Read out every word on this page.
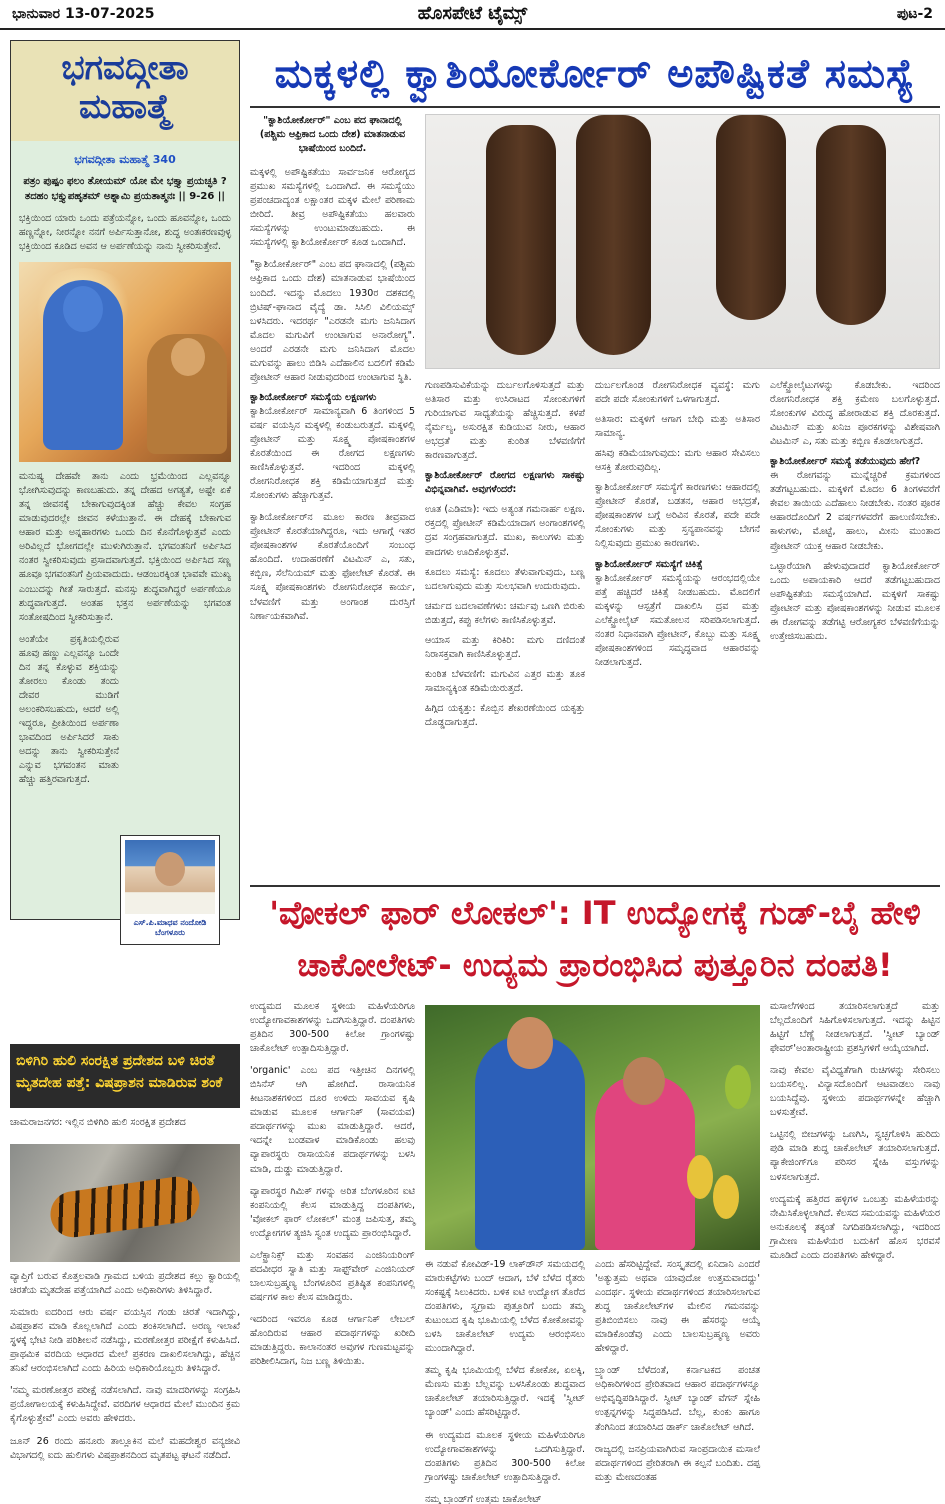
ಭಾನುವಾರ 13-07-2025	ಹೊಸಪೇಟೆ ಟೈಮ್ಸ್	ಪುಟ-2
ಭಗವದ್ಗೀತಾ
ಮಹಾತ್ಮೆ
ಭಗವದ್ಗೀತಾ ಮಹಾತ್ಮೆ 340
ಪತ್ರಂ ಪುಷ್ಪಂ ಫಲಂ ತೋಯಮ್ ಯೋ ಮೇ ಭಕ್ತ್ಯಾ ಪ್ರಯಚ್ಛತಿ ? ತದಹಂ ಭಕ್ತ್ಯುಪಹೃತಮ್ ಅಶ್ನಾಮಿ ಪ್ರಯತಾತ್ಮನಃ || 9-26 ||
ಭಕ್ತಿಯಿಂದ ಯಾರು ಒಂದು ಪತ್ರೆಯನ್ನೋ, ಒಂದು ಹೂವನ್ನೋ, ಒಂದು ಹಣ್ಣನ್ನೋ, ನೀರನ್ನೋ ನನಗೆ ಅರ್ಪಿಸುತ್ತಾನೋ, ಶುದ್ಧ ಅಂತಃಕರಣವುಳ್ಳ ಭಕ್ತಿಯಿಂದ ಕೂಡಿದ ಅವನ ಆ ಅರ್ಪಣೆಯನ್ನು ನಾನು ಸ್ವೀಕರಿಸುತ್ತೇನೆ.
ಮನುಷ್ಯ ದೇಹವೇ ತಾನು ಎಂದು ಭ್ರಮೆಯಿಂದ ಎಲ್ಲವನ್ನೂ ಭೋಗಿಸುವುದನ್ನು ಕಾಣಬಹುದು. ತನ್ನ ದೇಹದ ಅಗತ್ಯತೆ, ಅಷ್ಟೇ ಏಕೆ ತನ್ನ ಜೀವನಕ್ಕೆ ಬೇಕಾಗುವುದಕ್ಕಿಂತ ಹೆಚ್ಚು ಕೇವಲ ಸಂಗ್ರಹ ಮಾಡುವುದರಲ್ಲೇ ಜೀವನ ಕಳೆಯುತ್ತಾನೆ. ಈ ದೇಹಕ್ಕೆ ಬೇಕಾಗುವ ಆಹಾರ ಮತ್ತು ಅನ್ನಹಾರಗಳು ಒಂದು ದಿನ ಕೊನೆಗೊಳ್ಳುತ್ತವೆ ಎಂದು ಅರಿವಿಲ್ಲದೆ ಭೋಗದಲ್ಲೇ ಮುಳುಗಿರುತ್ತಾನೆ. ಭಗವಂತನಿಗೆ ಅರ್ಪಿಸಿದ ನಂತರ ಸ್ವೀಕರಿಸುವುದು ಪ್ರಸಾದವಾಗುತ್ತದೆ. ಭಕ್ತಿಯಿಂದ ಅರ್ಪಿಸಿದ ಸಣ್ಣ ಹೂವೂ ಭಗವಂತನಿಗೆ ಪ್ರಿಯವಾದುದು. ಆಡಂಬರಕ್ಕಿಂತ ಭಾವವೇ ಮುಖ್ಯ ಎಂಬುದನ್ನು ಗೀತೆ ಸಾರುತ್ತದೆ. ಮನಸ್ಸು ಶುದ್ಧವಾಗಿದ್ದರೆ ಅರ್ಪಣೆಯೂ ಶುದ್ಧವಾಗುತ್ತದೆ. ಅಂತಹ ಭಕ್ತನ ಅರ್ಪಣೆಯನ್ನು ಭಗವಂತ ಸಂತೋಷದಿಂದ ಸ್ವೀಕರಿಸುತ್ತಾನೆ.
ಅಂತೆಯೇ ಪ್ರಕೃತಿಯಲ್ಲಿರುವ ಹೂವು ಹಣ್ಣು ಎಲ್ಲವನ್ನೂ ಒಂದೇ ದಿನ ತನ್ನ ಕೊಳ್ಳುವ ಶಕ್ತಿಯನ್ನು ತೋರಲು ಕೊಂಡು ತಂದು ದೇವರ ಮುಡಿಗೆ ಅಲಂಕರಿಸಬಹುದು, ಆದರೆ ಅಲ್ಲಿ ಇದ್ದರೂ, ಪ್ರೀತಿಯಿಂದ ಅರ್ಪಣಾ ಭಾವದಿಂದ ಅರ್ಪಿಸಿದರೆ ಸಾಕು ಅದನ್ನು ತಾನು ಸ್ವೀಕರಿಸುತ್ತೇನೆ ಎನ್ನುವ ಭಗವಂತನ ಮಾತು ಹೆಚ್ಚು ಹತ್ತಿರವಾಗುತ್ತದೆ.
ಎಸ್.ಪಿ.ಮಾಧವ ನಂದೋಡಿ
ಬೆಂಗಳೂರು
ಬಿಳಿಗಿರಿ ಹುಲಿ ಸಂರಕ್ಷಿತ ಪ್ರದೇಶದ ಬಳಿ ಚಿರತೆ ಮೃತದೇಹ ಪತ್ತೆ: ವಿಷಪ್ರಾಶನ ಮಾಡಿರುವ ಶಂಕೆ
ಚಾಮರಾಜನಗರ: ಇಲ್ಲಿನ ಬಿಳಿಗಿರಿ ಹುಲಿ ಸಂರಕ್ಷಿತ ಪ್ರದೇಶದ
ವ್ಯಾಪ್ತಿಗೆ ಬರುವ ಕೊತ್ತಲವಾಡಿ ಗ್ರಾಮದ ಬಳಿಯ ಪ್ರದೇಶದ ಕಲ್ಲು ಕ್ವಾರಿಯಲ್ಲಿ ಚಿರತೆಯ ಮೃತದೇಹ ಪತ್ತೆಯಾಗಿದೆ ಎಂದು ಅಧಿಕಾರಿಗಳು ತಿಳಿಸಿದ್ದಾರೆ.
ಸುಮಾರು ಐದರಿಂದ ಆರು ವರ್ಷ ವಯಸ್ಸಿನ ಗಂಡು ಚಿರತೆ ಇದಾಗಿದ್ದು, ವಿಷಪ್ರಾಶನ ಮಾಡಿ ಕೊಲ್ಲಲಾಗಿದೆ ಎಂದು ಶಂಕಿಸಲಾಗಿದೆ. ಅರಣ್ಯ ಇಲಾಖೆ ಸ್ಥಳಕ್ಕೆ ಭೇಟಿ ನೀಡಿ ಪರಿಶೀಲನೆ ನಡೆಸಿದ್ದು, ಮರಣೋತ್ತರ ಪರೀಕ್ಷೆಗೆ ಕಳುಹಿಸಿದೆ. ಪ್ರಾಥಮಿಕ ವರದಿಯ ಆಧಾರದ ಮೇಲೆ ಪ್ರಕರಣ ದಾಖಲಿಸಲಾಗಿದ್ದು, ಹೆಚ್ಚಿನ ತನಿಖೆ ಆರಂಭಿಸಲಾಗಿದೆ ಎಂದು ಹಿರಿಯ ಅಧಿಕಾರಿಯೊಬ್ಬರು ತಿಳಿಸಿದ್ದಾರೆ.
'ನಮ್ಮ ಮರಣೋತ್ತರ ಪರೀಕ್ಷೆ ನಡೆಸಲಾಗಿದೆ. ನಾವು ಮಾದರಿಗಳನ್ನು ಸಂಗ್ರಹಿಸಿ ಪ್ರಯೋಗಾಲಯಕ್ಕೆ ಕಳುಹಿಸಿದ್ದೇವೆ. ವರದಿಗಳ ಆಧಾರದ ಮೇಲೆ ಮುಂದಿನ ಕ್ರಮ ಕೈಗೊಳ್ಳುತ್ತೇವೆ' ಎಂದು ಅವರು ಹೇಳಿದರು.
ಜೂನ್ 26 ರಂದು ಹನೂರು ತಾಲ್ಲೂಕಿನ ಮಲೆ ಮಹದೇಶ್ವರ ವನ್ಯಜೀವಿ ವಿಭಾಗದಲ್ಲಿ ಐದು ಹುಲಿಗಳು ವಿಷಪ್ರಾಶನದಿಂದ ಮೃತಪಟ್ಟ ಘಟನೆ ನಡೆದಿದೆ.
ಮಕ್ಕಳಲ್ಲಿ ಕ್ವಾಶಿಯೋರ್ಕೋರ್ ಅಪೌಷ್ಟಿಕತೆ ಸಮಸ್ಯೆ

"ಕ್ವಾಶಿಯೋರ್ಕೋರ್" ಎಂಬ ಪದ ಘಾನಾದಲ್ಲಿ (ಪಶ್ಚಿಮ ಆಫ್ರಿಕಾದ ಒಂದು ದೇಶ) ಮಾತನಾಡುವ ಭಾಷೆಯಿಂದ ಬಂದಿದೆ.

ಮಕ್ಕಳಲ್ಲಿ ಅಪೌಷ್ಟಿಕತೆಯು ಸಾರ್ವಜನಿಕ ಆರೋಗ್ಯದ ಪ್ರಮುಖ ಸಮಸ್ಯೆಗಳಲ್ಲಿ ಒಂದಾಗಿದೆ. ಈ ಸಮಸ್ಯೆಯು ಪ್ರಪಂಚದಾದ್ಯಂತ ಲಕ್ಷಾಂತರ ಮಕ್ಕಳ ಮೇಲೆ ಪರಿಣಾಮ ಬೀರಿದೆ. ತೀವ್ರ ಅಪೌಷ್ಟಿಕತೆಯು ಹಲವಾರು ಸಮಸ್ಯೆಗಳನ್ನು ಉಂಟುಮಾಡಬಹುದು. ಈ ಸಮಸ್ಯೆಗಳಲ್ಲಿ ಕ್ವಾಶಿಯೋರ್ಕೋರ್ ಕೂಡ ಒಂದಾಗಿದೆ.

"ಕ್ವಾಶಿಯೋರ್ಕೋರ್" ಎಂಬ ಪದ ಘಾನಾದಲ್ಲಿ (ಪಶ್ಚಿಮ ಆಫ್ರಿಕಾದ ಒಂದು ದೇಶ) ಮಾತನಾಡುವ ಭಾಷೆಯಿಂದ ಬಂದಿದೆ. ಇದನ್ನು ಮೊದಲು 1930ರ ದಶಕದಲ್ಲಿ ಬ್ರಿಟಿಷ್-ಘಾನಾದ ವೈದ್ಯೆ ಡಾ. ಸಿಸಿಲಿ ವಿಲಿಯಮ್ಸ್ ಬಳಸಿದರು. ಇದರರ್ಥ "ಎರಡನೇ ಮಗು ಜನಿಸಿದಾಗ ಮೊದಲ ಮಗುವಿಗೆ ಉಂಟಾಗುವ ಅನಾರೋಗ್ಯ". ಅಂದರೆ ಎರಡನೇ ಮಗು ಜನಿಸಿದಾಗ ಮೊದಲ ಮಗುವನ್ನು ಹಾಲು ಬಿಡಿಸಿ ಎದೆಹಾಲಿನ ಬದಲಿಗೆ ಕಡಿಮೆ ಪ್ರೋಟೀನ್ ಆಹಾರ ನೀಡುವುದರಿಂದ ಉಂಟಾಗುವ ಸ್ಥಿತಿ.

ಕ್ವಾಶಿಯೋರ್ಕೋರ್ ಸಮಸ್ಯೆಯ ಲಕ್ಷಣಗಳು

ಕ್ವಾಶಿಯೋರ್ಕೋರ್ ಸಾಮಾನ್ಯವಾಗಿ 6 ತಿಂಗಳಿಂದ 5 ವರ್ಷ ವಯಸ್ಸಿನ ಮಕ್ಕಳಲ್ಲಿ ಕಂಡುಬರುತ್ತದೆ. ಮಕ್ಕಳಲ್ಲಿ ಪ್ರೋಟೀನ್ ಮತ್ತು ಸೂಕ್ಷ್ಮ ಪೋಷಕಾಂಶಗಳ ಕೊರತೆಯಿಂದ ಈ ರೋಗದ ಲಕ್ಷಣಗಳು ಕಾಣಿಸಿಕೊಳ್ಳುತ್ತವೆ. ಇದರಿಂದ ಮಕ್ಕಳಲ್ಲಿ ರೋಗನಿರೋಧಕ ಶಕ್ತಿ ಕಡಿಮೆಯಾಗುತ್ತದೆ ಮತ್ತು ಸೋಂಕುಗಳು ಹೆಚ್ಚಾಗುತ್ತವೆ.

ಕ್ವಾಶಿಯೋರ್ಕೋರ್‌ನ ಮೂಲ ಕಾರಣ ತೀವ್ರವಾದ ಪ್ರೋಟೀನ್ ಕೊರತೆಯಾಗಿದ್ದರೂ, ಇದು ಆಗಾಗ್ಗೆ ಇತರ ಪೋಷಕಾಂಶಗಳ ಕೊರತೆಯೊಂದಿಗೆ ಸಂಬಂಧ ಹೊಂದಿದೆ. ಉದಾಹರಣೆಗೆ ವಿಟಮಿನ್ ಎ, ಸತು, ಕಬ್ಬಿಣ, ಸೆಲೆನಿಯಮ್ ಮತ್ತು ಫೋಲೇಟ್ ಕೊರತೆ. ಈ ಸೂಕ್ಷ್ಮ ಪೋಷಕಾಂಶಗಳು ರೋಗನಿರೋಧಕ ಕಾರ್ಯ, ಬೆಳವಣಿಗೆ ಮತ್ತು ಅಂಗಾಂಶ ದುರಸ್ತಿಗೆ ನಿರ್ಣಾಯಕವಾಗಿವೆ.

ಗುಣಪಡಿಸುವಿಕೆಯನ್ನು ದುರ್ಬಲಗೊಳಿಸುತ್ತದೆ ಮತ್ತು ಅತಿಸಾರ ಮತ್ತು ಉಸಿರಾಟದ ಸೋಂಕುಗಳಿಗೆ ಗುರಿಯಾಗುವ ಸಾಧ್ಯತೆಯನ್ನು ಹೆಚ್ಚಿಸುತ್ತದೆ. ಕಳಪೆ ನೈರ್ಮಲ್ಯ, ಅಸುರಕ್ಷಿತ ಕುಡಿಯುವ ನೀರು, ಆಹಾರ ಅಭದ್ರತೆ ಮತ್ತು ಕುಂಠಿತ ಬೆಳವಣಿಗೆಗೆ ಕಾರಣವಾಗುತ್ತದೆ.

ಕ್ವಾಶಿಯೋರ್ಕೋರ್ ರೋಗದ ಲಕ್ಷಣಗಳು ಸಾಕಷ್ಟು ವಿಭಿನ್ನವಾಗಿವೆ. ಅವುಗಳೆಂದರೆ:

ಊತ (ಎಡಿಮಾ): ಇದು ಅತ್ಯಂತ ಗಮನಾರ್ಹ ಲಕ್ಷಣ. ರಕ್ತದಲ್ಲಿ ಪ್ರೋಟೀನ್ ಕಡಿಮೆಯಾದಾಗ ಅಂಗಾಂಶಗಳಲ್ಲಿ ದ್ರವ ಸಂಗ್ರಹವಾಗುತ್ತದೆ. ಮುಖ, ಕಾಲುಗಳು ಮತ್ತು ಪಾದಗಳು ಊದಿಕೊಳ್ಳುತ್ತವೆ.

ಕೂದಲು ಸಮಸ್ಯೆ: ಕೂದಲು ತೆಳುವಾಗುವುದು, ಬಣ್ಣ ಬದಲಾಗುವುದು ಮತ್ತು ಸುಲಭವಾಗಿ ಉದುರುವುದು.

ಚರ್ಮದ ಬದಲಾವಣೆಗಳು: ಚರ್ಮವು ಒಣಗಿ ಬಿರುಕು ಬಿಡುತ್ತದೆ, ಕಪ್ಪು ಕಲೆಗಳು ಕಾಣಿಸಿಕೊಳ್ಳುತ್ತವೆ.

ಆಯಾಸ ಮತ್ತು ಕಿರಿಕಿರಿ: ಮಗು ದಣಿದಂತೆ ನಿರಾಸಕ್ತವಾಗಿ ಕಾಣಿಸಿಕೊಳ್ಳುತ್ತದೆ.

ಕುಂಠಿತ ಬೆಳವಣಿಗೆ: ಮಗುವಿನ ಎತ್ತರ ಮತ್ತು ತೂಕ ಸಾಮಾನ್ಯಕ್ಕಿಂತ ಕಡಿಮೆಯಿರುತ್ತದೆ.

ಹಿಗ್ಗಿದ ಯಕೃತ್ತು: ಕೊಬ್ಬಿನ ಶೇಖರಣೆಯಿಂದ ಯಕೃತ್ತು ದೊಡ್ಡದಾಗುತ್ತದೆ.

ದುರ್ಬಲಗೊಂಡ ರೋಗನಿರೋಧಕ ವ್ಯವಸ್ಥೆ: ಮಗು ಪದೇ ಪದೇ ಸೋಂಕುಗಳಿಗೆ ಒಳಗಾಗುತ್ತದೆ.

ಅತಿಸಾರ: ಮಕ್ಕಳಿಗೆ ಆಗಾಗ ಬೇಧಿ ಮತ್ತು ಅತಿಸಾರ ಸಾಮಾನ್ಯ.

ಹಸಿವು ಕಡಿಮೆಯಾಗುವುದು: ಮಗು ಆಹಾರ ಸೇವಿಸಲು ಆಸಕ್ತಿ ತೋರುವುದಿಲ್ಲ.

ಕ್ವಾಶಿಯೋರ್ಕೋರ್ ಸಮಸ್ಯೆಗೆ ಕಾರಣಗಳು: ಆಹಾರದಲ್ಲಿ ಪ್ರೋಟೀನ್ ಕೊರತೆ, ಬಡತನ, ಆಹಾರ ಅಭದ್ರತೆ, ಪೋಷಕಾಂಶಗಳ ಬಗ್ಗೆ ಅರಿವಿನ ಕೊರತೆ, ಪದೇ ಪದೇ ಸೋಂಕುಗಳು ಮತ್ತು ಸ್ತನ್ಯಪಾನವನ್ನು ಬೇಗನೆ ನಿಲ್ಲಿಸುವುದು ಪ್ರಮುಖ ಕಾರಣಗಳು.

ಕ್ವಾಶಿಯೋರ್ಕೋರ್ ಸಮಸ್ಯೆಗೆ ಚಿಕಿತ್ಸೆ

ಕ್ವಾಶಿಯೋರ್ಕೋರ್ ಸಮಸ್ಯೆಯನ್ನು ಆರಂಭದಲ್ಲಿಯೇ ಪತ್ತೆ ಹಚ್ಚಿದರೆ ಚಿಕಿತ್ಸೆ ನೀಡಬಹುದು. ಮೊದಲಿಗೆ ಮಕ್ಕಳನ್ನು ಆಸ್ಪತ್ರೆಗೆ ದಾಖಲಿಸಿ ದ್ರವ ಮತ್ತು ಎಲೆಕ್ಟ್ರೋಲೈಟ್ ಸಮತೋಲನ ಸರಿಪಡಿಸಲಾಗುತ್ತದೆ. ನಂತರ ನಿಧಾನವಾಗಿ ಪ್ರೋಟೀನ್, ಕೊಬ್ಬು ಮತ್ತು ಸೂಕ್ಷ್ಮ ಪೋಷಕಾಂಶಗಳಿಂದ ಸಮೃದ್ಧವಾದ ಆಹಾರವನ್ನು ನೀಡಲಾಗುತ್ತದೆ.

ಎಲೆಕ್ಟ್ರೋಲೈಟುಗಳನ್ನು ಕೊಡಬೇಕು. ಇದರಿಂದ ರೋಗನಿರೋಧಕ ಶಕ್ತಿ ಕ್ರಮೇಣ ಬಲಗೊಳ್ಳುತ್ತದೆ. ಸೋಂಕುಗಳ ವಿರುದ್ಧ ಹೋರಾಡುವ ಶಕ್ತಿ ದೊರಕುತ್ತದೆ. ವಿಟಮಿನ್ ಮತ್ತು ಖನಿಜ ಪೂರಕಗಳನ್ನು ವಿಶೇಷವಾಗಿ ವಿಟಮಿನ್ ಎ, ಸತು ಮತ್ತು ಕಬ್ಬಿಣ ಕೊಡಲಾಗುತ್ತದೆ.

ಕ್ವಾಶಿಯೋರ್ಕೋರ್ ಸಮಸ್ಯೆ ತಡೆಯುವುದು ಹೇಗೆ?

ಈ ರೋಗವನ್ನು ಮುನ್ನೆಚ್ಚರಿಕೆ ಕ್ರಮಗಳಿಂದ ತಡೆಗಟ್ಟಬಹುದು. ಮಕ್ಕಳಿಗೆ ಮೊದಲ 6 ತಿಂಗಳವರೆಗೆ ಕೇವಲ ತಾಯಿಯ ಎದೆಹಾಲು ನೀಡಬೇಕು. ನಂತರ ಪೂರಕ ಆಹಾರದೊಂದಿಗೆ 2 ವರ್ಷಗಳವರೆಗೆ ಹಾಲುಣಿಸಬೇಕು. ಕಾಳುಗಳು, ಮೊಟ್ಟೆ, ಹಾಲು, ಮೀನು ಮುಂತಾದ ಪ್ರೋಟೀನ್ ಯುಕ್ತ ಆಹಾರ ನೀಡಬೇಕು.

ಒಟ್ಟಾರೆಯಾಗಿ ಹೇಳುವುದಾದರೆ ಕ್ವಾಶಿಯೋರ್ಕೋರ್ ಒಂದು ಅಪಾಯಕಾರಿ ಆದರೆ ತಡೆಗಟ್ಟಬಹುದಾದ ಅಪೌಷ್ಟಿಕತೆಯ ಸಮಸ್ಯೆಯಾಗಿದೆ. ಮಕ್ಕಳಿಗೆ ಸಾಕಷ್ಟು ಪ್ರೋಟೀನ್ ಮತ್ತು ಪೋಷಕಾಂಶಗಳನ್ನು ನೀಡುವ ಮೂಲಕ ಈ ರೋಗವನ್ನು ತಡೆಗಟ್ಟಿ ಆರೋಗ್ಯಕರ ಬೆಳವಣಿಗೆಯನ್ನು ಉತ್ತೇಜಿಸಬಹುದು.

'ವೋಕಲ್ ಫಾರ್ ಲೋಕಲ್': IT ಉದ್ಯೋಗಕ್ಕೆ ಗುಡ್-ಬೈ ಹೇಳಿ
ಚಾಕೋಲೇಟ್- ಉದ್ಯಮ ಪ್ರಾರಂಭಿಸಿದ ಪುತ್ತೂರಿನ ದಂಪತಿ!

ಉದ್ಯಮದ ಮೂಲಕ ಸ್ಥಳೀಯ ಮಹಿಳೆಯರಿಗೂ ಉದ್ಯೋಗಾವಕಾಶಗಳನ್ನು ಒದಗಿಸುತ್ತಿದ್ದಾರೆ. ದಂಪತಿಗಳು ಪ್ರತಿದಿನ 300-500 ಕಿಲೋ ಗ್ರಾಂಗಳಷ್ಟು ಚಾಕೊಲೇಟ್ ಉತ್ಪಾದಿಸುತ್ತಿದ್ದಾರೆ.

'organic' ಎಂಬ ಪದ ಇತ್ತೀಚಿನ ದಿನಗಳಲ್ಲಿ ಬಿಸಿನೆಸ್ ಆಗಿ ಹೋಗಿದೆ. ರಾಸಾಯನಿಕ ಕೀಟನಾಶಕಗಳಿಂದ ದೂರ ಉಳಿದು ಸಾವಯವ ಕೃಷಿ ಮಾಡುವ ಮೂಲಕ ಆರ್ಗಾನಿಕ್ (ಸಾವಯವ) ಪದಾರ್ಥಗಳನ್ನು ಮುಖ ಮಾಡುತ್ತಿದ್ದಾರೆ. ಆದರೆ, ಇದನ್ನೇ ಬಂಡವಾಳ ಮಾಡಿಕೊಂಡು ಹಲವು ವ್ಯಾಪಾರಸ್ಥರು ರಾಸಾಯನಿಕ ಪದಾರ್ಥಗಳನ್ನು ಬಳಸಿ ಮಾಡಿ, ದುಡ್ಡು ಮಾಡುತ್ತಿದ್ದಾರೆ.

ವ್ಯಾಪಾರಸ್ಥರ ಗಿಮಿಕ್ ಗಳನ್ನು ಅರಿತ ಬೆಂಗಳೂರಿನ ಐಟಿ ಕಂಪನಿಯಲ್ಲಿ ಕೆಲಸ ಮಾಡುತ್ತಿದ್ದ ದಂಪತಿಗಳು, 'ವೋಕಲ್ ಫಾರ್ ಲೋಕಲ್' ಮಂತ್ರ ಜಪಿಸುತ್ತ, ತಮ್ಮ ಉದ್ಯೋಗಗಳ ತ್ಯಜಿಸಿ ಸ್ವಂತ ಉದ್ಯಮ ಪ್ರಾರಂಭಿಸಿದ್ದಾರೆ.

ಎಲೆಕ್ಟ್ರಾನಿಕ್ಸ್ ಮತ್ತು ಸಂವಹನ ಎಂಜಿನಿಯರಿಂಗ್ ಪದವೀಧರ ಸ್ವಾತಿ ಮತ್ತು ಸಾಫ್ಟ್‌ವೇರ್ ಎಂಜಿನಿಯರ್ ಬಾಲಸುಬ್ರಹ್ಮಣ್ಯ ಬೆಂಗಳೂರಿನ ಪ್ರತಿಷ್ಠಿತ ಕಂಪನಿಗಳಲ್ಲಿ ವರ್ಷಗಳ ಕಾಲ ಕೆಲಸ ಮಾಡಿದ್ದರು.

ಇದರಿಂದ ಇವರೂ ಕೂಡ ಆರ್ಗಾನಿಕ್ ಲೇಬಲ್ ಹೊಂದಿರುವ ಆಹಾರ ಪದಾರ್ಥಗಳನ್ನು ಖರೀದಿ ಮಾಡುತ್ತಿದ್ದರು. ಕಾಲಾನಂತರ ಅವುಗಳ ಗುಣಮಟ್ಟವನ್ನು ಪರಿಶೀಲಿಸಿದಾಗ, ನಿಜ ಬಣ್ಣ ತಿಳಿಯಿತು.

ಈ ನಡುವೆ ಕೋವಿಡ್-19 ಲಾಕ್‌ಡೌನ್ ಸಮಯದಲ್ಲಿ ಮಾರುಕಟ್ಟೆಗಳು ಬಂದ್ ಆದಾಗ, ಬೆಳೆ ಬೆಳೆದ ರೈತರು ಸಂಕಷ್ಟಕ್ಕೆ ಸಿಲುಕಿದರು. ಬಳಿಕ ಐಟಿ ಉದ್ಯೋಗ ತೊರೆದ ದಂಪತಿಗಳು, ಸ್ವಗ್ರಾಮ ಪುತ್ತೂರಿಗೆ ಬಂದು ತಮ್ಮ ಕುಟುಂಬದ ಕೃಷಿ ಭೂಮಿಯಲ್ಲಿ ಬೆಳೆದ ಕೋಕೋವನ್ನು ಬಳಸಿ ಚಾಕೊಲೇಟ್ ಉದ್ಯಮ ಆರಂಭಿಸಲು ಮುಂದಾಗಿದ್ದಾರೆ.

ತಮ್ಮ ಕೃಷಿ ಭೂಮಿಯಲ್ಲಿ ಬೆಳೆದ ಕೋಕೋ, ಏಲಕ್ಕಿ, ಮೆಣಸು ಮತ್ತು ಬೆಲ್ಲವನ್ನು ಬಳಸಿಕೊಂಡು ಶುದ್ಧವಾದ ಚಾಕೊಲೇಟ್ ತಯಾರಿಸುತ್ತಿದ್ದಾರೆ. ಇದಕ್ಕೆ 'ಸ್ವೀಟ್ ಬ್ಯಾಂಡ್' ಎಂದು ಹೆಸರಿಟ್ಟಿದ್ದಾರೆ.

ಈ ಉದ್ಯಮದ ಮೂಲಕ ಸ್ಥಳೀಯ ಮಹಿಳೆಯರಿಗೂ ಉದ್ಯೋಗಾವಕಾಶಗಳನ್ನು ಒದಗಿಸುತ್ತಿದ್ದಾರೆ. ದಂಪತಿಗಳು ಪ್ರತಿದಿನ 300-500 ಕಿಲೋ ಗ್ರಾಂಗಳಷ್ಟು ಚಾಕೊಲೇಟ್ ಉತ್ಪಾದಿಸುತ್ತಿದ್ದಾರೆ.

ನಮ್ಮ ಬ್ರಾಂಡ್‌ಗೆ ಉತ್ತಮ ಚಾಕೊಲೇಟ್

ಎಂದು ಹೆಸರಿಟ್ಟಿದ್ದೇವೆ. ಸಂಸ್ಕೃತದಲ್ಲಿ ಏನಿದಾನಿ ಎಂದರೆ 'ಅತ್ಯುತ್ತಮ ಅಥವಾ ಯಾವುದೋ ಉತ್ತಮವಾದದ್ದು' ಎಂದರ್ಥ. ಸ್ಥಳೀಯ ಪದಾರ್ಥಗಳಿಂದ ತಯಾರಿಸಲಾಗುವ ಶುದ್ಧ ಚಾಕೊಲೇಟ್‌ಗಳ ಮೇಲಿನ ಗಮನವನ್ನು ಪ್ರತಿಬಿಂಬಿಸಲು ನಾವು ಈ ಹೆಸರನ್ನು ಆಯ್ಕೆ ಮಾಡಿಕೊಂಡೆವು ಎಂದು ಬಾಲಸುಬ್ರಹ್ಮಣ್ಯ ಅವರು ಹೇಳಿದ್ದಾರೆ.

ಬ್ರ್ಯಾಂಡ್ ಬೆಳೆದಂತೆ, ಕರ್ನಾಟಕದ ಪಂಚತ ಅಧಿಕಾರಿಗಳಿಂದ ಪ್ರೇರಿತವಾದ ಆಹಾರ ಪದಾರ್ಥಗಳನ್ನೂ ಅಭಿವೃದ್ಧಿಪಡಿಸಿದ್ದಾರೆ. ಸ್ವೀಟ್ ಬ್ಯಾಂಡ್ ವೆಗನ್ ಸ್ನೇಹಿ ಉತ್ಪನ್ನಗಳನ್ನು ಸಿದ್ಧಪಡಿಸಿದೆ. ಬೆಲ್ಲ, ಕುಂಕು ಹಾಗೂ ತೆಂಗಿನಿಂದ ತಯಾರಿಸಿದ ಡಾರ್ಕ್ ಚಾಕೊಲೇಟ್ ಆಗಿದೆ.

ರಾಜ್ಯದಲ್ಲಿ ಜನಪ್ರಿಯವಾಗಿರುವ ಸಾಂಪ್ರದಾಯಿಕ ಮಸಾಲೆ ಪದಾರ್ಥಗಳಿಂದ ಪ್ರೇರಿತರಾಗಿ ಈ ಕಲ್ಪನೆ ಬಂದಿತು. ದಪ್ಪ ಮತ್ತು ಮೇಣದಂತಹ

ಮಸಾಲೆಗಳಿಂದ ತಯಾರಿಸಲಾಗುತ್ತದೆ ಮತ್ತು ಬೆಲ್ಲದೊಂದಿಗೆ ಸಿಹಿಗೊಳಿಸಲಾಗುತ್ತದೆ. ಇದನ್ನು ಹಿಟ್ಟಿನ ಹಿಟ್ಟಿಗೆ ಬೆಣ್ಣೆ ನೀಡಲಾಗುತ್ತದೆ. 'ಸ್ವೀಟ್ ಬ್ಯಾಂಡ್ ಫೇವರ್'ಅಂತಾರಾಷ್ಟ್ರೀಯ ಪ್ರಶಸ್ತಿಗಳಿಗೆ ಆಯ್ಕೆಯಾಗಿದೆ.

ನಾವು ಕೇವಲ ವೈವಿಧ್ಯತೆಗಾಗಿ ರುಚಿಗಳನ್ನು ಸೇರಿಸಲು ಬಯಸಲಿಲ್ಲ. ವಿನ್ಯಾಸದೊಂದಿಗೆ ಆಟವಾಡಲು ನಾವು ಬಯಸಿದ್ದೆವು. ಸ್ಥಳೀಯ ಪದಾರ್ಥಗಳನ್ನೇ ಹೆಚ್ಚಾಗಿ ಬಳಸುತ್ತೇವೆ.

ಒಟ್ಟಿನಲ್ಲಿ ಬೀಜಗಳನ್ನು ಒಣಗಿಸಿ, ಸ್ವಚ್ಛಗೊಳಿಸಿ ಹುರಿದು ಪುಡಿ ಮಾಡಿ ಶುದ್ಧ ಚಾಕೊಲೇಟ್ ತಯಾರಿಸಲಾಗುತ್ತದೆ. ಪ್ಯಾಕೇಜಿಂಗ್‌ಗೂ ಪರಿಸರ ಸ್ನೇಹಿ ವಸ್ತುಗಳನ್ನು ಬಳಸಲಾಗುತ್ತದೆ.

ಉದ್ಯಮಕ್ಕೆ ಹತ್ತಿರದ ಹಳ್ಳಿಗಳ ಒಂಬತ್ತು ಮಹಿಳೆಯರನ್ನು ನೇಮಿಸಿಕೊಳ್ಳಲಾಗಿದೆ. ಕೆಲಸದ ಸಮಯವನ್ನು ಮಹಿಳೆಯರ ಅನುಕೂಲಕ್ಕೆ ತಕ್ಕಂತೆ ನಿಗದಿಪಡಿಸಲಾಗಿದ್ದು, ಇದರಿಂದ ಗ್ರಾಮೀಣ ಮಹಿಳೆಯರ ಬದುಕಿಗೆ ಹೊಸ ಭರವಸೆ ಮೂಡಿದೆ ಎಂದು ದಂಪತಿಗಳು ಹೇಳಿದ್ದಾರೆ.
